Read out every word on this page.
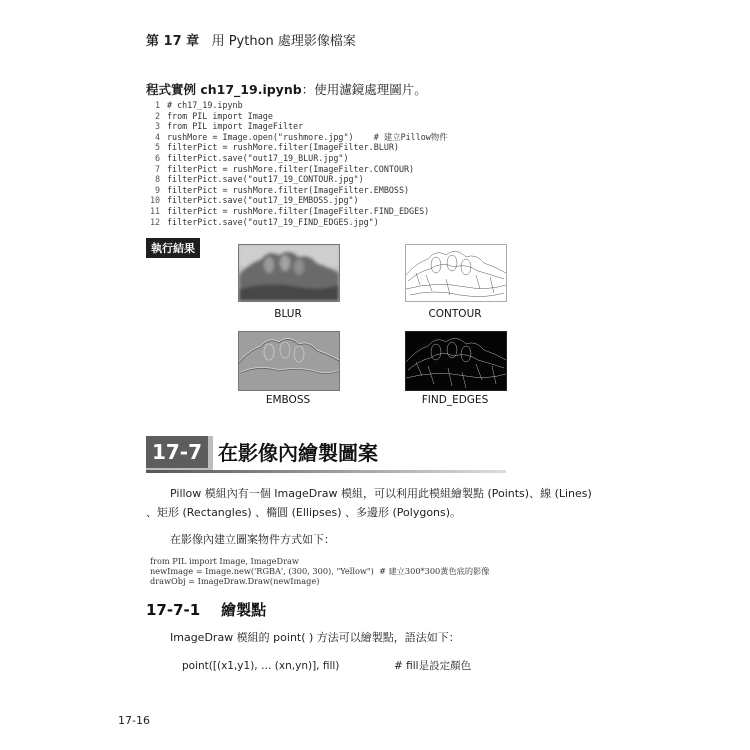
第 17 章 用 Python 處理影像檔案
程式實例 ch17_19.ipynb：使用濾鏡處理圖片。
1 # ch17_19.ipynb
2 from PIL import Image
3 from PIL import ImageFilter
4 rushMore = Image.open("rushmore.jpg")    # 建立Pillow物件
5 filterPict = rushMore.filter(ImageFilter.BLUR)
6 filterPict.save("out17_19_BLUR.jpg")
7 filterPict = rushMore.filter(ImageFilter.CONTOUR)
8 filterPict.save("out17_19_CONTOUR.jpg")
9 filterPict = rushMore.filter(ImageFilter.EMBOSS)
10 filterPict.save("out17_19_EMBOSS.jpg")
11 filterPict = rushMore.filter(ImageFilter.FIND_EDGES)
12 filterPict.save("out17_19_FIND_EDGES.jpg")
執行結果
BLUR	CONTOUR
EMBOSS	FIND_EDGES
17-7 在影像內繪製圖案
Pillow 模組內有一個 ImageDraw 模組，可以利用此模組繪製點 (Points)、線 (Lines)
、矩形 (Rectangles) 、橢圓 (Ellipses) 、多邊形 (Polygons)。
在影像內建立圖案物件方式如下：
from PIL import Image, ImageDraw
newImage = Image.new('RGBA', (300, 300), "Yellow")  # 建立300*300黃色底的影像
drawObj = ImageDraw.Draw(newImage)
17-7-1 繪製點
ImageDraw 模組的 point( ) 方法可以繪製點，語法如下：
point([(x1,y1), … (xn,yn)], fill)	# fill是設定顏色
17-16
